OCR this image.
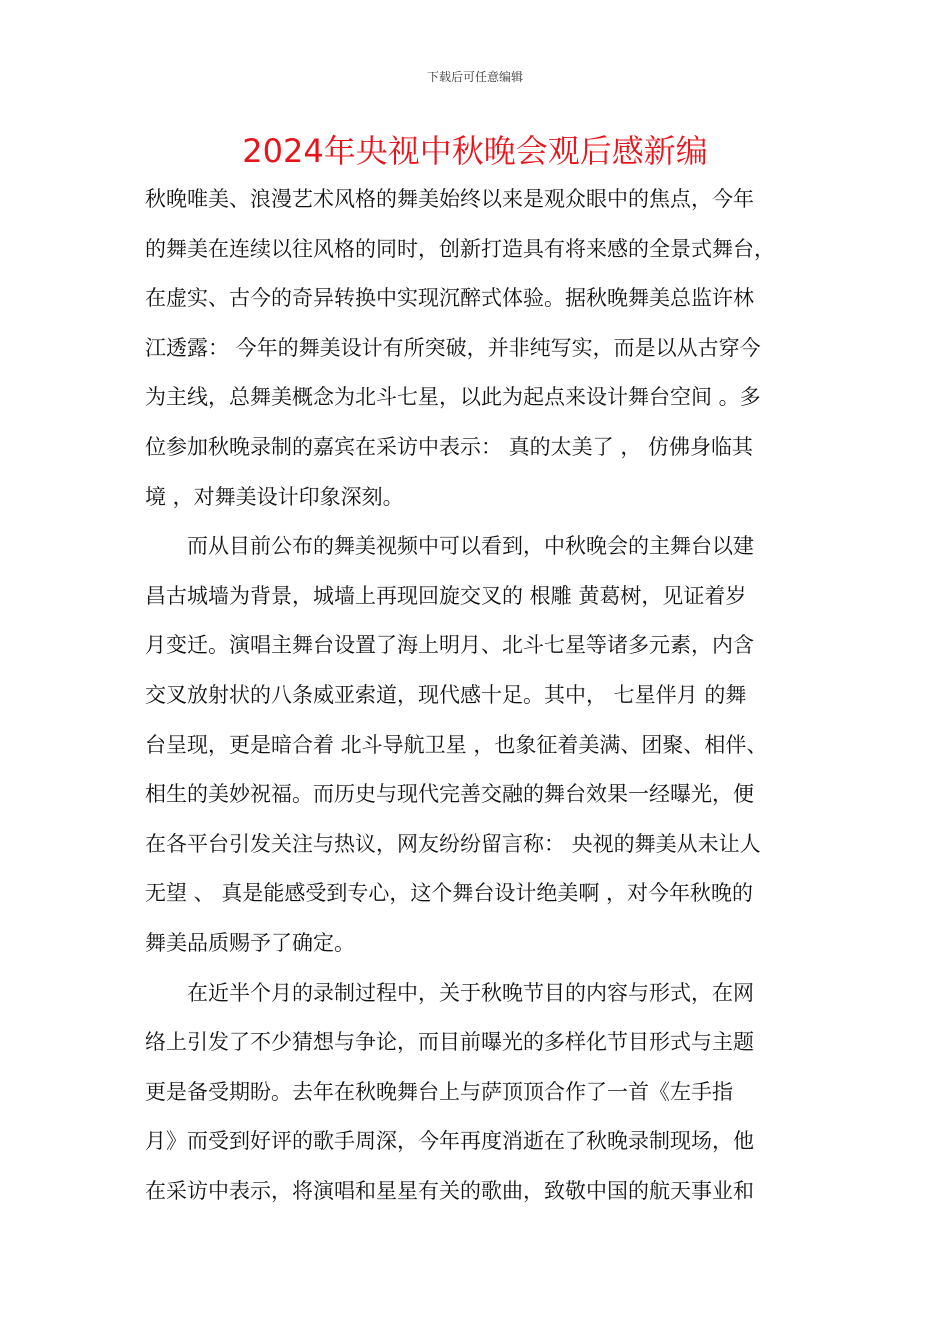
下载后可任意编辑
2024年央视中秋晚会观后感新编

秋晚唯美、浪漫艺术风格的舞美始终以来是观众眼中的焦点，今年
的舞美在连续以往风格的同时，创新打造具有将来感的全景式舞台，
在虚实、古今的奇异转换中实现沉醉式体验。据秋晚舞美总监许林
江透露： 今年的舞美设计有所突破，并非纯写实，而是以从古穿今
为主线，总舞美概念为北斗七星，以此为起点来设计舞台空间 。多
位参加秋晚录制的嘉宾在采访中表示： 真的太美了 ， 仿佛身临其
境 ，对舞美设计印象深刻。

而从目前公布的舞美视频中可以看到，中秋晚会的主舞台以建
昌古城墙为背景，城墙上再现回旋交叉的 根雕 黄葛树，见证着岁
月变迁。演唱主舞台设置了海上明月、北斗七星等诸多元素，内含
交叉放射状的八条威亚索道，现代感十足。其中， 七星伴月 的舞
台呈现，更是暗合着 北斗导航卫星 ，也象征着美满、团聚、相伴、
相生的美妙祝福。而历史与现代完善交融的舞台效果一经曝光，便
在各平台引发关注与热议，网友纷纷留言称： 央视的舞美从未让人
无望 、 真是能感受到专心，这个舞台设计绝美啊 ，对今年秋晚的
舞美品质赐予了确定。

在近半个月的录制过程中，关于秋晚节目的内容与形式，在网
络上引发了不少猜想与争论，而目前曝光的多样化节目形式与主题
更是备受期盼。去年在秋晚舞台上与萨顶顶合作了一首《左手指
月》而受到好评的歌手周深，今年再度消逝在了秋晚录制现场，他
在采访中表示，将演唱和星星有关的歌曲，致敬中国的航天事业和
